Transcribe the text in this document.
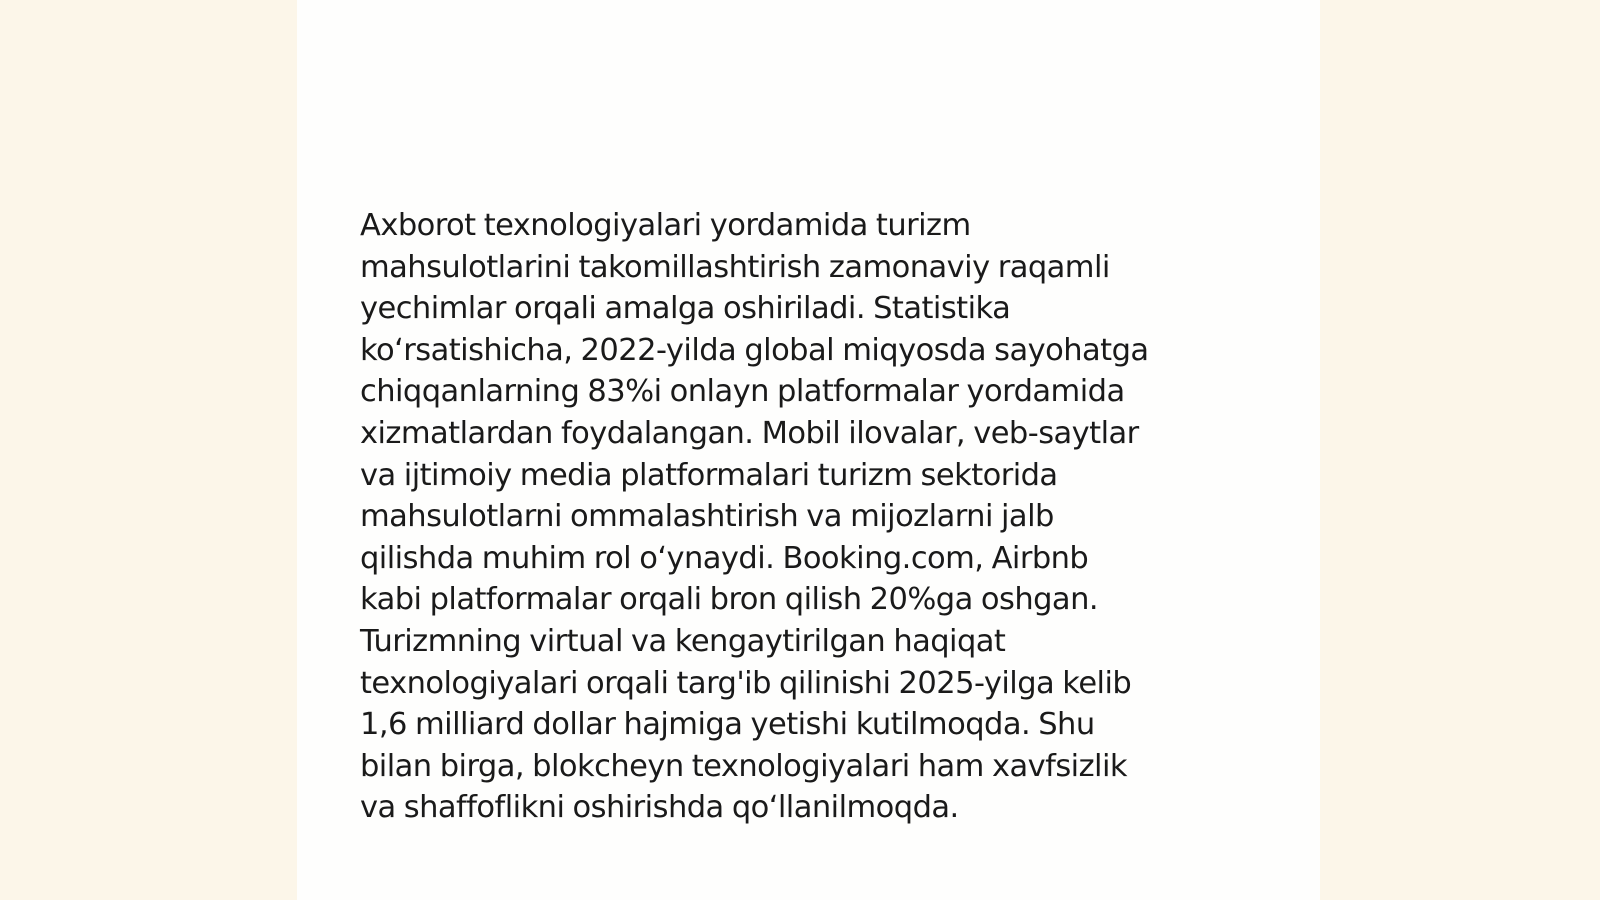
Axborot texnologiyalari yordamida turizm
mahsulotlarini takomillashtirish zamonaviy raqamli
yechimlar orqali amalga oshiriladi. Statistika
koʻrsatishicha, 2022-yilda global miqyosda sayohatga
chiqqanlarning 83%i onlayn platformalar yordamida
xizmatlardan foydalangan. Mobil ilovalar, veb-saytlar
va ijtimoiy media platformalari turizm sektorida
mahsulotlarni ommalashtirish va mijozlarni jalb
qilishda muhim rol oʻynaydi. Booking.com, Airbnb
kabi platformalar orqali bron qilish 20%ga oshgan.
Turizmning virtual va kengaytirilgan haqiqat
texnologiyalari orqali targ'ib qilinishi 2025-yilga kelib
1,6 milliard dollar hajmiga yetishi kutilmoqda. Shu
bilan birga, blokcheyn texnologiyalari ham xavfsizlik
va shaffoflikni oshirishda qoʻllanilmoqda.
